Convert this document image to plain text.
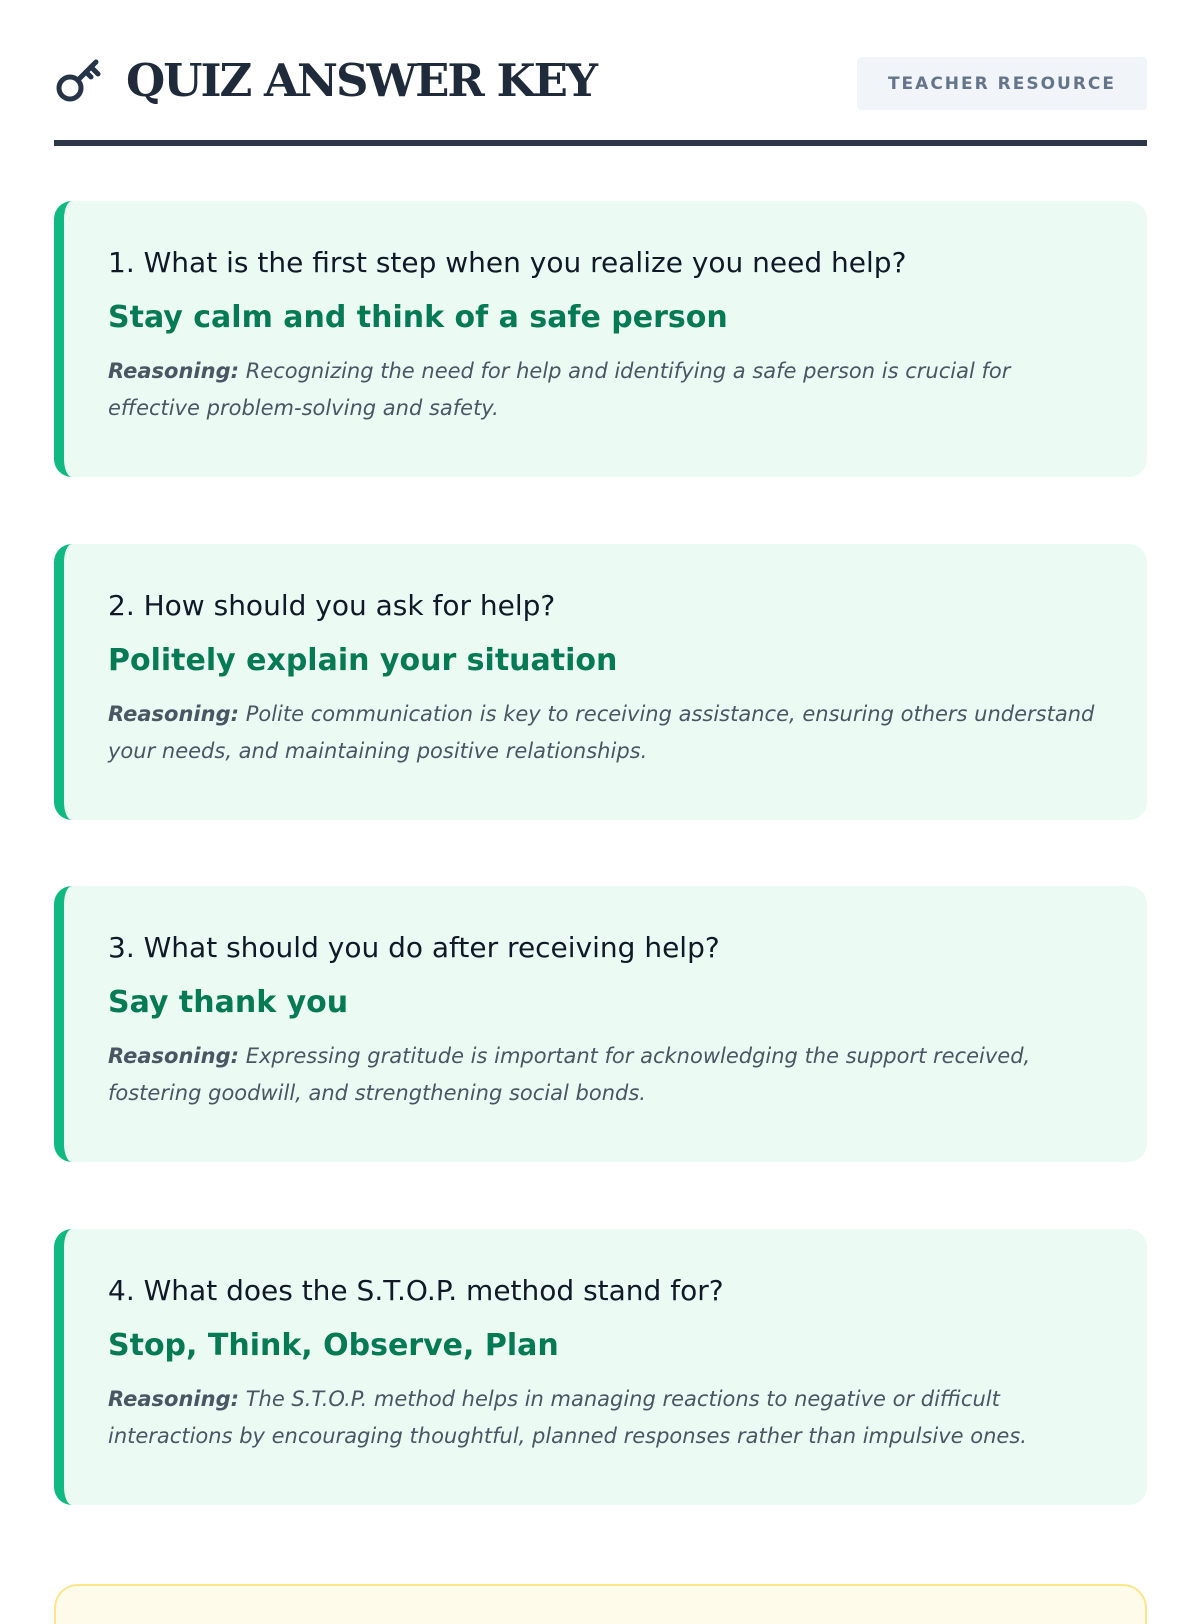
QUIZ ANSWER KEY	TEACHER RESOURCE
1. What is the first step when you realize you need help?
Stay calm and think of a safe person

Reasoning: Recognizing the need for help and identifying a safe person is crucial for effective problem-solving and safety.

2. How should you ask for help?
Politely explain your situation

Reasoning: Polite communication is key to receiving assistance, ensuring others understand your needs, and maintaining positive relationships.

3. What should you do after receiving help?
Say thank you

Reasoning: Expressing gratitude is important for acknowledging the support received, fostering goodwill, and strengthening social bonds.

4. What does the S.T.O.P. method stand for?
Stop, Think, Observe, Plan

Reasoning: The S.T.O.P. method helps in managing reactions to negative or difficult interactions by encouraging thoughtful, planned responses rather than impulsive ones.
